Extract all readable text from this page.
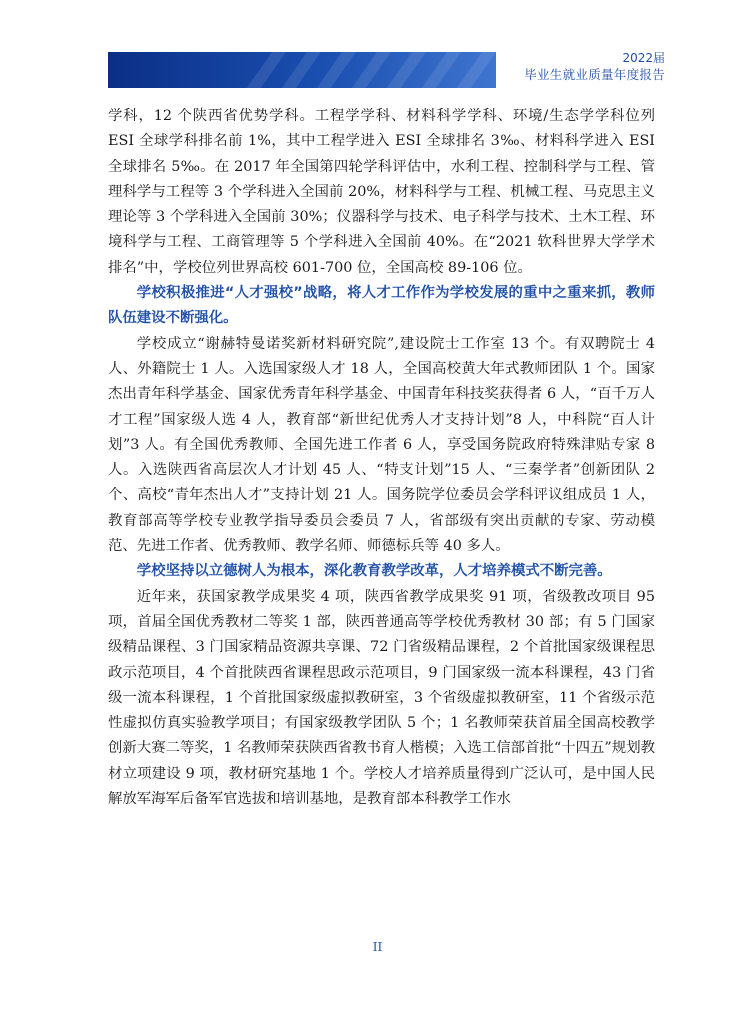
2022届
毕业生就业质量年度报告

学科，12 个陕西省优势学科。工程学学科、材料科学学科、环境/生态学学科位列 ESI 全球学科排名前 1%，其中工程学进入 ESI 全球排名 3‰、材料科学进入 ESI 全球排名 5‰。在 2017 年全国第四轮学科评估中，水利工程、控制科学与工程、管理科学与工程等 3 个学科进入全国前 20%，材料科学与工程、机械工程、马克思主义理论等 3 个学科进入全国前 30%；仪器科学与技术、电子科学与技术、土木工程、环境科学与工程、工商管理等 5 个学科进入全国前 40%。在“2021 软科世界大学学术排名”中，学校位列世界高校 601-700 位，全国高校 89-106 位。

学校积极推进“人才强校”战略，将人才工作作为学校发展的重中之重来抓，教师队伍建设不断强化。

学校成立“谢赫特曼诺奖新材料研究院”,建设院士工作室 13 个。有双聘院士 4 人、外籍院士 1 人。入选国家级人才 18 人，全国高校黄大年式教师团队 1 个。国家杰出青年科学基金、国家优秀青年科学基金、中国青年科技奖获得者 6 人，“百千万人才工程”国家级人选 4 人，教育部“新世纪优秀人才支持计划”8 人，中科院“百人计划”3 人。有全国优秀教师、全国先进工作者 6 人，享受国务院政府特殊津贴专家 8 人。入选陕西省高层次人才计划 45 人、“特支计划”15 人、“三秦学者”创新团队 2 个、高校“青年杰出人才”支持计划 21 人。国务院学位委员会学科评议组成员 1 人，教育部高等学校专业教学指导委员会委员 7 人，省部级有突出贡献的专家、劳动模范、先进工作者、优秀教师、教学名师、师德标兵等 40 多人。

学校坚持以立德树人为根本，深化教育教学改革，人才培养模式不断完善。

近年来，获国家教学成果奖 4 项，陕西省教学成果奖 91 项，省级教改项目 95 项，首届全国优秀教材二等奖 1 部，陕西普通高等学校优秀教材 30 部；有 5 门国家级精品课程、3 门国家精品资源共享课、72 门省级精品课程，2 个首批国家级课程思政示范项目，4 个首批陕西省课程思政示范项目，9 门国家级一流本科课程，43 门省级一流本科课程，1 个首批国家级虚拟教研室，3 个省级虚拟教研室，11 个省级示范性虚拟仿真实验教学项目；有国家级教学团队 5 个；1 名教师荣获首届全国高校教学创新大赛二等奖，1 名教师荣获陕西省教书育人楷模；入选工信部首批“十四五”规划教材立项建设 9 项，教材研究基地 1 个。学校人才培养质量得到广泛认可，是中国人民解放军海军后备军官选拔和培训基地，是教育部本科教学工作水

II
